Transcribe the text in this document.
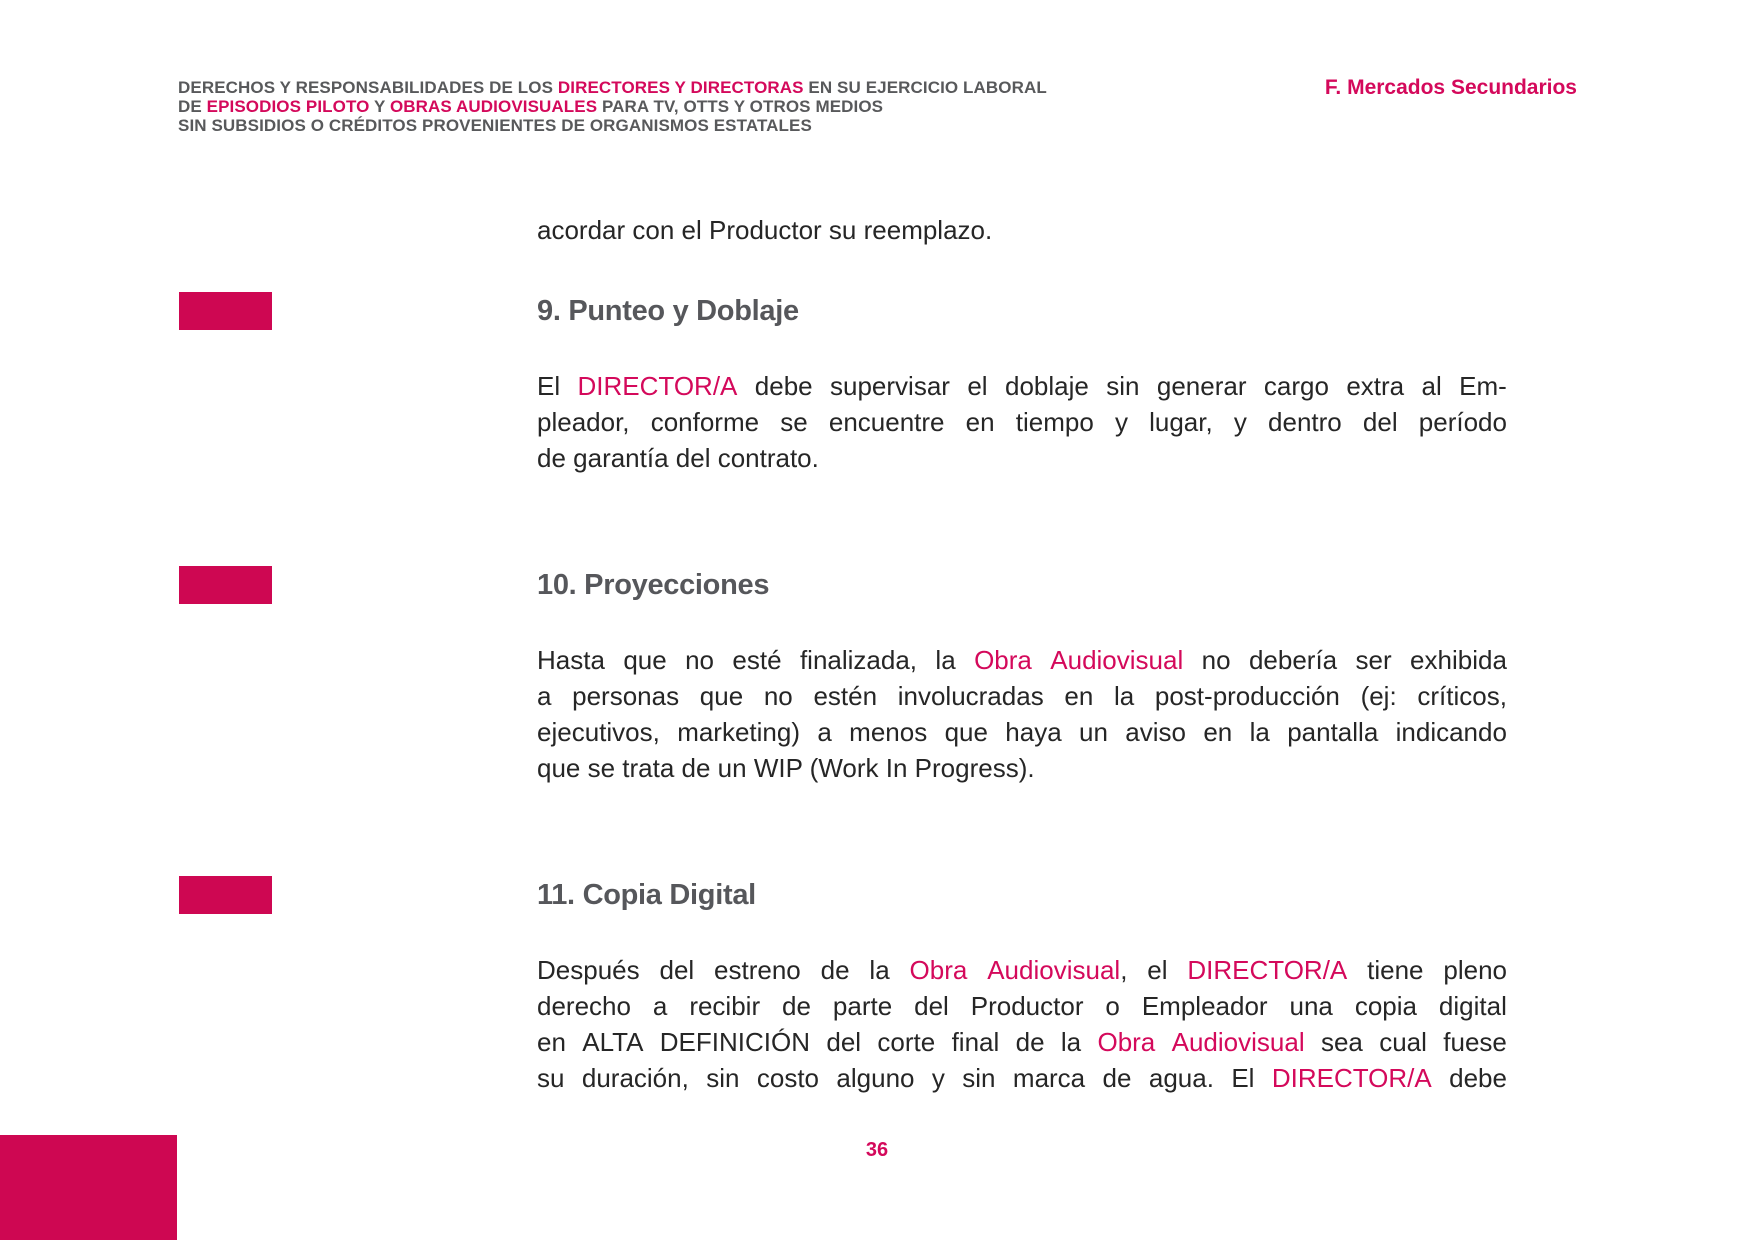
DERECHOS Y RESPONSABILIDADES DE LOS DIRECTORES Y DIRECTORAS EN SU EJERCICIO LABORAL
DE EPISODIOS PILOTO Y OBRAS AUDIOVISUALES PARA TV, OTTS Y OTROS MEDIOS
SIN SUBSIDIOS O CRÉDITOS PROVENIENTES DE ORGANISMOS ESTATALES
F. Mercados Secundarios
acordar con el Productor su reemplazo.
9. Punteo y Doblaje
El DIRECTOR/A debe supervisar el doblaje sin generar cargo extra al Em-
pleador, conforme se encuentre en tiempo y lugar, y dentro del período
de garantía del contrato.
10. Proyecciones
Hasta que no esté finalizada, la Obra Audiovisual no debería ser exhibida
a personas que no estén involucradas en la post-producción (ej: críticos,
ejecutivos, marketing) a menos que haya un aviso en la pantalla indicando
que se trata de un WIP (Work In Progress).
11. Copia Digital
Después del estreno de la Obra Audiovisual, el DIRECTOR/A tiene pleno
derecho a recibir de parte del Productor o Empleador una copia digital
en ALTA DEFINICIÓN del corte final de la Obra Audiovisual sea cual fuese
su duración, sin costo alguno y sin marca de agua. El DIRECTOR/A debe
36
